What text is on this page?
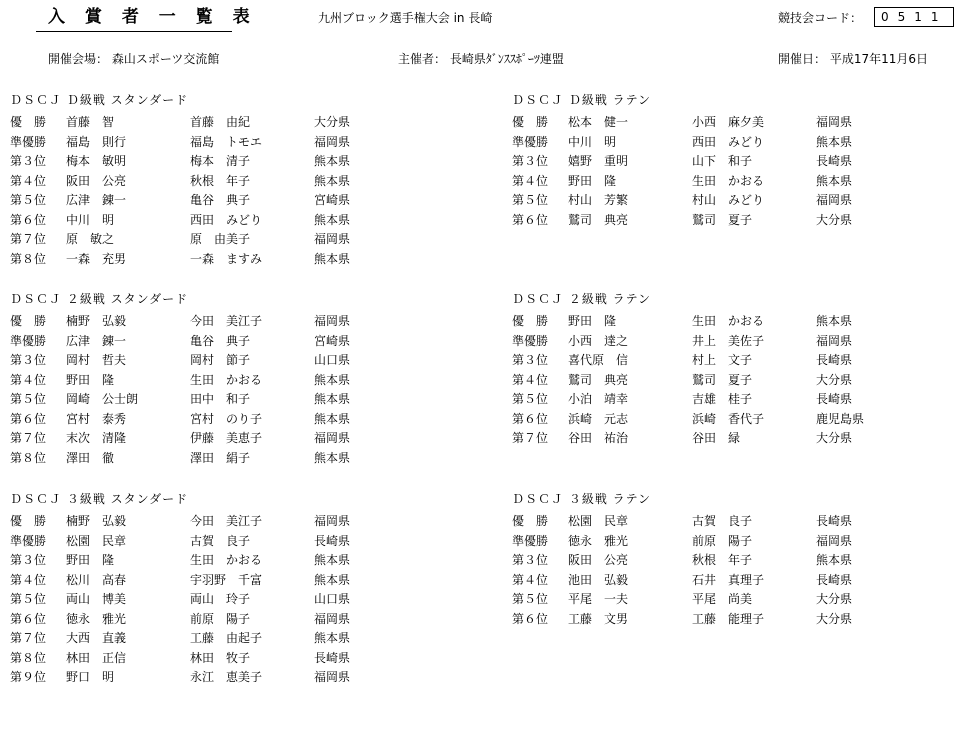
入 賞 者 一 覧 表	九州ブロック選手権大会 in 長崎	競技会コード：	0511
開催会場： 森山スポーツ交流館	主催者： 長崎県ﾀﾞﾝｽｽﾎﾟｰﾂ連盟	開催日： 平成17年11月6日
ＤＳＣＪ Ｄ級戦 スタンダード
優　勝 首藤　智	首藤　由紀	大分県
準優勝 福島　則行	福島　トモエ	福岡県
第３位 梅本　敏明	梅本　清子	熊本県
第４位 阪田　公亮	秋根　年子	熊本県
第５位 広津　錬一	亀谷　典子	宮崎県
第６位 中川　明	西田　みどり	熊本県
第７位 原　敏之	原　由美子	福岡県
第８位 一森　充男	一森　ますみ	熊本県
ＤＳＣＪ Ｄ級戦 ラテン
優　勝 松本　健一	小西　麻夕美	福岡県
準優勝 中川　明	西田　みどり	熊本県
第３位 嬉野　重明	山下　和子	長崎県
第４位 野田　隆	生田　かおる	熊本県
第５位 村山　芳繁	村山　みどり	福岡県
第６位 鷲司　典亮	鷲司　夏子	大分県
ＤＳＣＪ ２級戦 スタンダード
優　勝 楠野　弘毅	今田　美江子	福岡県
準優勝 広津　錬一	亀谷　典子	宮崎県
第３位 岡村　哲夫	岡村　節子	山口県
第４位 野田　隆	生田　かおる	熊本県
第５位 岡崎　公士朗	田中　和子	熊本県
第６位 宮村　泰秀	宮村　のり子	熊本県
第７位 末次　清隆	伊藤　美恵子	福岡県
第８位 澤田　徹	澤田　絹子	熊本県
ＤＳＣＪ ２級戦 ラテン
優　勝 野田　隆	生田　かおる	熊本県
準優勝 小西　達之	井上　美佐子	福岡県
第３位 喜代原　信	村上　文子	長崎県
第４位 鷲司　典亮	鷲司　夏子	大分県
第５位 小泊　靖幸	吉雄　桂子	長崎県
第６位 浜崎　元志	浜崎　香代子	鹿児島県
第７位 谷田　祐治	谷田　緑	大分県
ＤＳＣＪ ３級戦 スタンダード
優　勝 楠野　弘毅	今田　美江子	福岡県
準優勝 松園　民章	古賀　良子	長崎県
第３位 野田　隆	生田　かおる	熊本県
第４位 松川　高春	宇羽野　千富	熊本県
第５位 両山　博美	両山　玲子	山口県
第６位 徳永　雅光	前原　陽子	福岡県
第７位 大西　直義	工藤　由起子	熊本県
第８位 林田　正信	林田　牧子	長崎県
第９位 野口　明	永江　恵美子	福岡県
ＤＳＣＪ ３級戦 ラテン
優　勝 松園　民章	古賀　良子	長崎県
準優勝 徳永　雅光	前原　陽子	福岡県
第３位 阪田　公亮	秋根　年子	熊本県
第４位 池田　弘毅	石井　真理子	長崎県
第５位 平尾　一夫	平尾　尚美	大分県
第６位 工藤　文男	工藤　能理子	大分県
